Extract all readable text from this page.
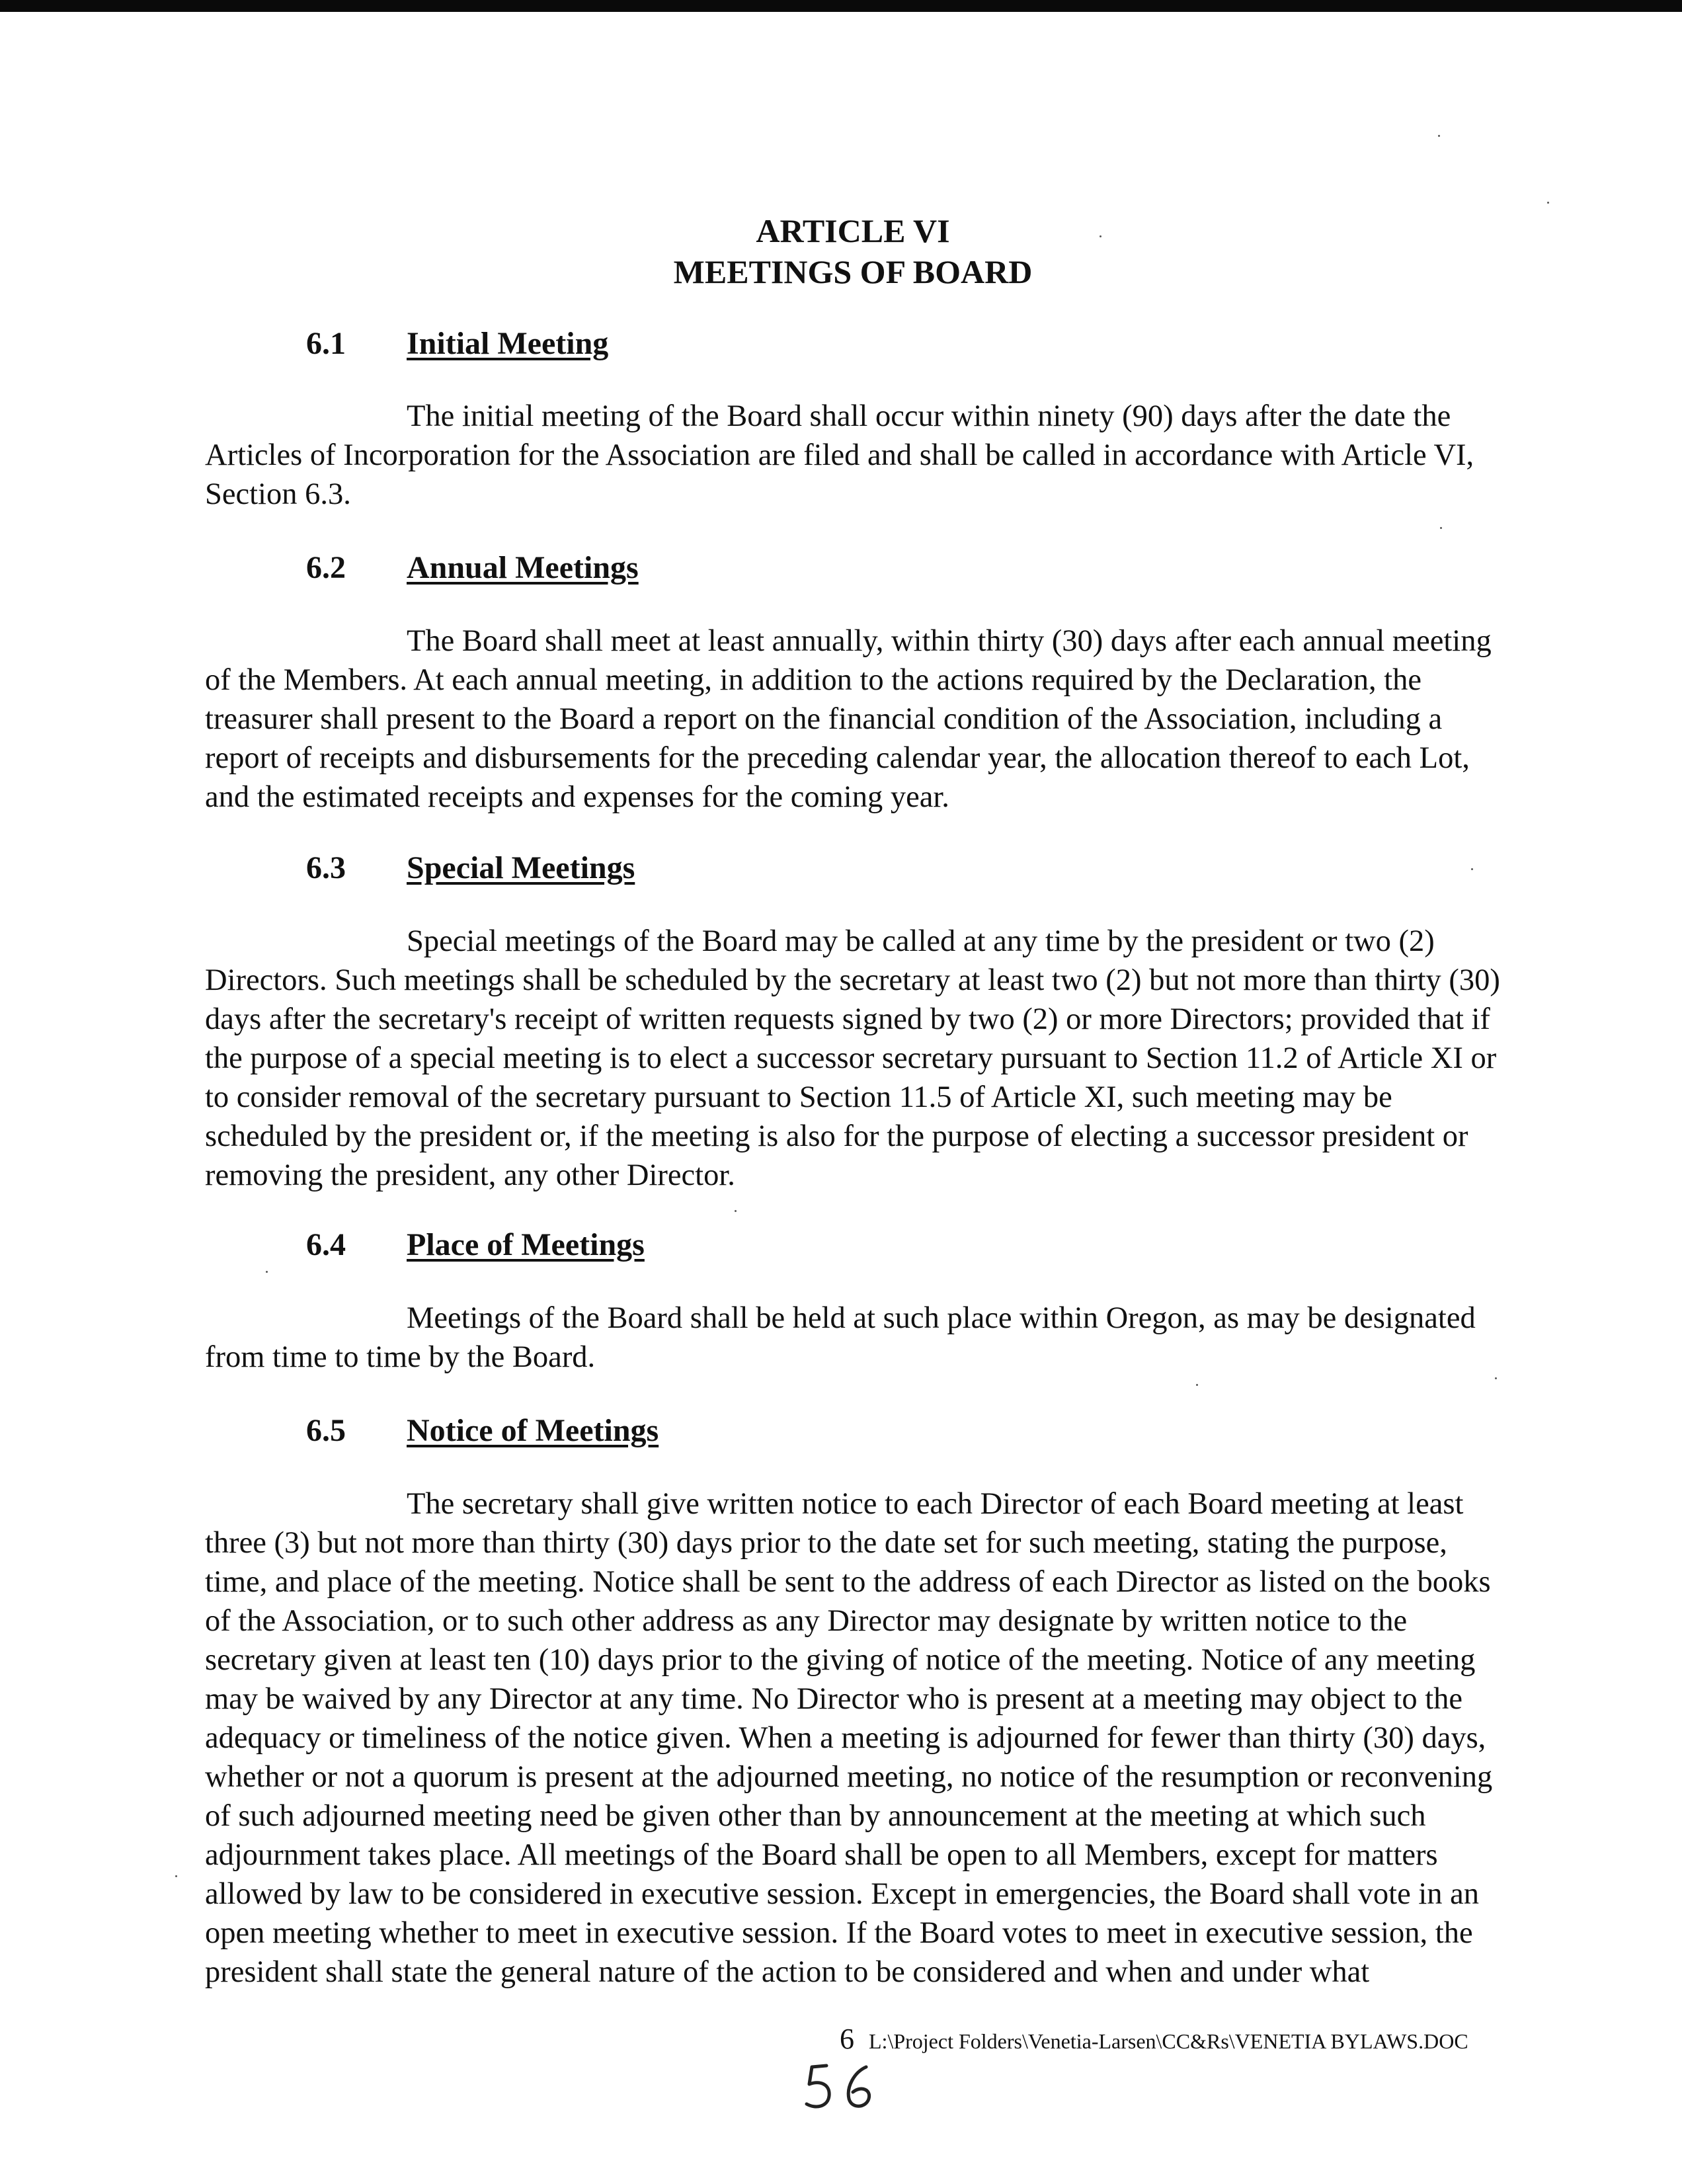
ARTICLE VI
MEETINGS OF BOARD
6.1 Initial Meeting
The initial meeting of the Board shall occur within ninety (90) days after the date the Articles of Incorporation for the Association are filed and shall be called in accordance with Article VI, Section 6.3.
6.2 Annual Meetings
The Board shall meet at least annually, within thirty (30) days after each annual meeting of the Members. At each annual meeting, in addition to the actions required by the Declaration, the treasurer shall present to the Board a report on the financial condition of the Association, including a report of receipts and disbursements for the preceding calendar year, the allocation thereof to each Lot, and the estimated receipts and expenses for the coming year.
6.3 Special Meetings
Special meetings of the Board may be called at any time by the president or two (2) Directors. Such meetings shall be scheduled by the secretary at least two (2) but not more than thirty (30) days after the secretary's receipt of written requests signed by two (2) or more Directors; provided that if the purpose of a special meeting is to elect a successor secretary pursuant to Section 11.2 of Article XI or to consider removal of the secretary pursuant to Section 11.5 of Article XI, such meeting may be scheduled by the president or, if the meeting is also for the purpose of electing a successor president or removing the president, any other Director.
6.4 Place of Meetings
Meetings of the Board shall be held at such place within Oregon, as may be designated from time to time by the Board.
6.5 Notice of Meetings
The secretary shall give written notice to each Director of each Board meeting at least three (3) but not more than thirty (30) days prior to the date set for such meeting, stating the purpose, time, and place of the meeting. Notice shall be sent to the address of each Director as listed on the books of the Association, or to such other address as any Director may designate by written notice to the secretary given at least ten (10) days prior to the giving of notice of the meeting. Notice of any meeting may be waived by any Director at any time. No Director who is present at a meeting may object to the adequacy or timeliness of the notice given. When a meeting is adjourned for fewer than thirty (30) days, whether or not a quorum is present at the adjourned meeting, no notice of the resumption or reconvening of such adjourned meeting need be given other than by announcement at the meeting at which such adjournment takes place. All meetings of the Board shall be open to all Members, except for matters allowed by law to be considered in executive session. Except in emergencies, the Board shall vote in an open meeting whether to meet in executive session. If the Board votes to meet in executive session, the president shall state the general nature of the action to be considered and when and under what
6 L:\Project Folders\Venetia-Larsen\CC&Rs\VENETIA BYLAWS.DOC
